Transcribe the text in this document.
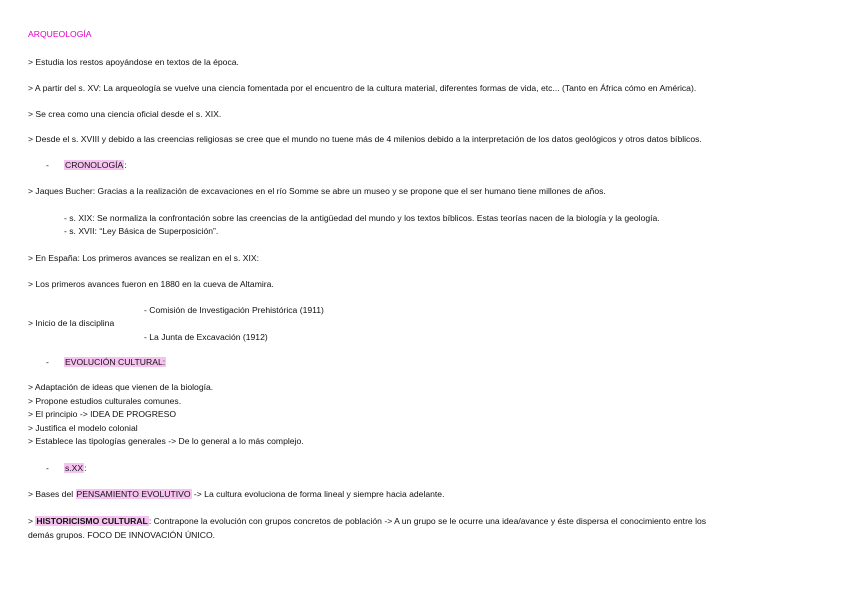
ARQUEOLOGÍA
> Estudia los restos apoyándose en textos de la época.
> A partir del s. XV: La arqueología se vuelve una ciencia fomentada por el encuentro de la cultura material, diferentes formas de vida, etc... (Tanto en África cómo en América).
> Se crea como una ciencia oficial desde el s. XIX.
> Desde el s. XVIII y debido a las creencias religiosas se cree que el mundo no tuene más de 4 milenios debido a la interpretación de los datos geológicos y otros datos bíblicos.
- CRONOLOGÍA:
> Jaques Bucher: Gracias a la realización de excavaciones en el río Somme se abre un museo y se propone que el ser humano tiene millones de años.
- s. XIX: Se normaliza la confrontación sobre las creencias de la antigüedad del mundo y los textos bíblicos. Estas teorías nacen de la biología y la geología.
- s. XVII: “Ley Básica de Superposición”.
> En España: Los primeros avances se realizan en el s. XIX:
> Los primeros avances fueron en 1880 en la cueva de Altamira.
- Comisión de Investigación Prehistórica (1911)
> Inicio de la disciplina
- La Junta de Excavación (1912)
- EVOLUCIÓN CULTURAL:
> Adaptación de ideas que vienen de la biología.
> Propone estudios culturales comunes.
> El principio -> IDEA DE PROGRESO
> Justifica el modelo colonial
> Establece las tipologías generales -> De lo general a lo más complejo.
- s.XX:
> Bases del PENSAMIENTO EVOLUTIVO -> La cultura evoluciona de forma lineal y siempre hacia adelante.
> HISTORICISMO CULTURAL: Contrapone la evolución con grupos concretos de población -> A un grupo se le ocurre una idea/avance y éste dispersa el conocimiento entre los
demás grupos. FOCO DE INNOVACIÓN ÚNICO.
